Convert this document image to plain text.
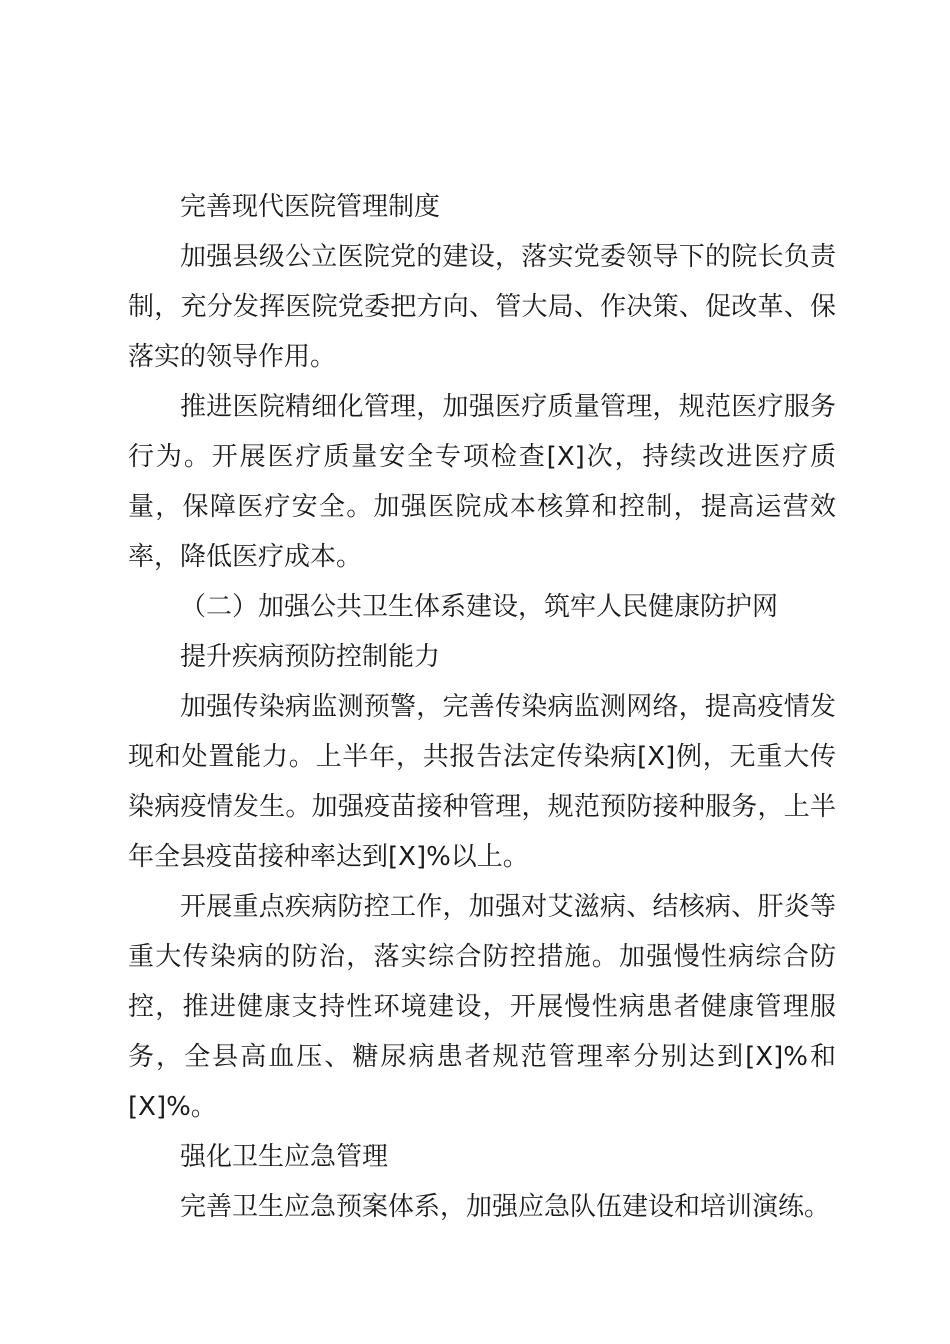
完善现代医院管理制度

加强县级公立医院党的建设，落实党委领导下的院长负责制，充分发挥医院党委把方向、管大局、作决策、促改革、保落实的领导作用。

推进医院精细化管理，加强医疗质量管理，规范医疗服务行为。开展医疗质量安全专项检查[X]次，持续改进医疗质量，保障医疗安全。加强医院成本核算和控制，提高运营效率，降低医疗成本。

（二）加强公共卫生体系建设，筑牢人民健康防护网

提升疾病预防控制能力

加强传染病监测预警，完善传染病监测网络，提高疫情发现和处置能力。上半年，共报告法定传染病[X]例，无重大传染病疫情发生。加强疫苗接种管理，规范预防接种服务，上半年全县疫苗接种率达到[X]%以上。

开展重点疾病防控工作，加强对艾滋病、结核病、肝炎等重大传染病的防治，落实综合防控措施。加强慢性病综合防控，推进健康支持性环境建设，开展慢性病患者健康管理服务，全县高血压、糖尿病患者规范管理率分别达到[X]%和[X]%。

强化卫生应急管理

完善卫生应急预案体系，加强应急队伍建设和培训演练。
